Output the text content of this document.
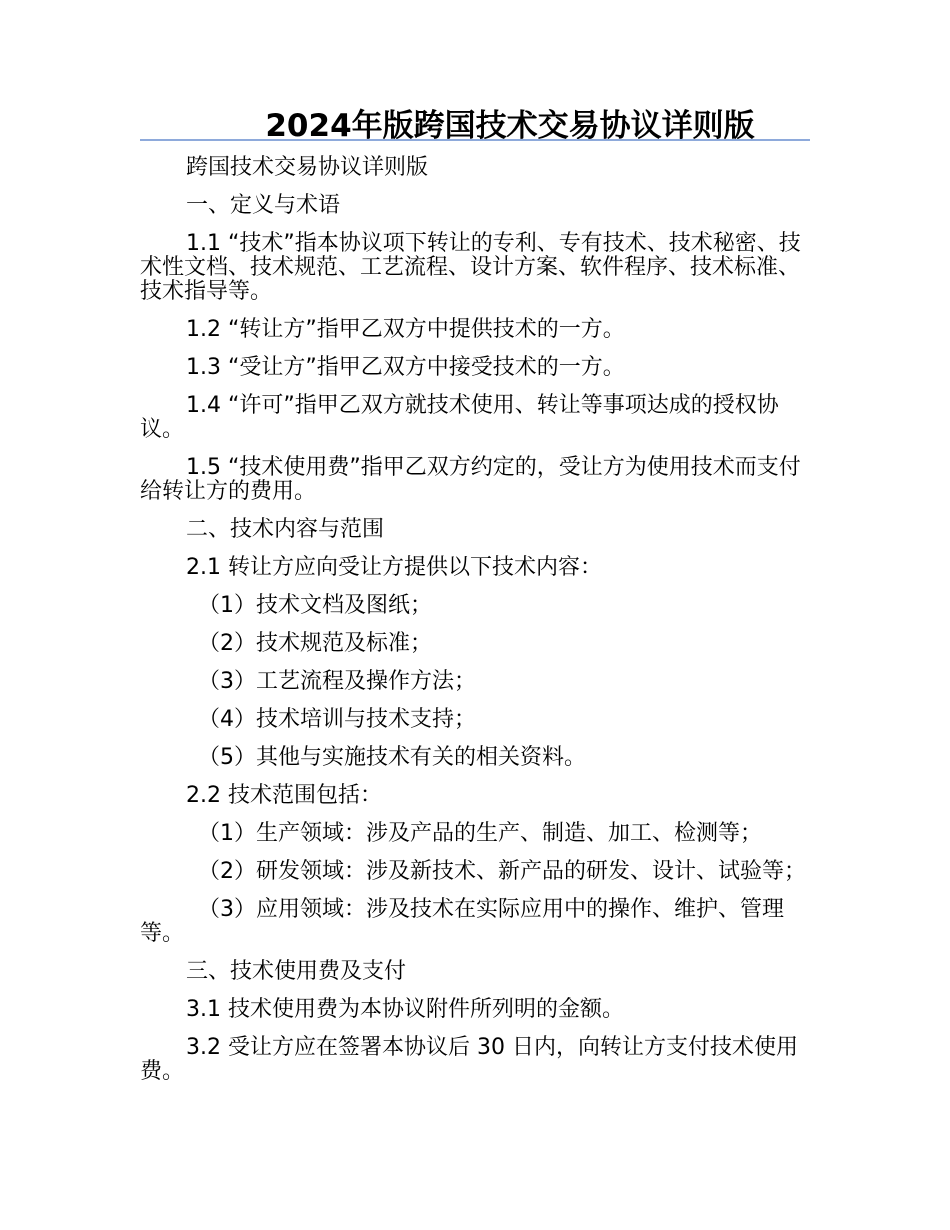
2024年版跨国技术交易协议详则版
跨国技术交易协议详则版
一、定义与术语
1.1 “技术”指本协议项下转让的专利、专有技术、技术秘密、技术性文档、技术规范、工艺流程、设计方案、软件程序、技术标准、技术指导等。
1.2 “转让方”指甲乙双方中提供技术的一方。
1.3 “受让方”指甲乙双方中接受技术的一方。
1.4 “许可”指甲乙双方就技术使用、转让等事项达成的授权协议。
1.5 “技术使用费”指甲乙双方约定的，受让方为使用技术而支付给转让方的费用。
二、技术内容与范围
2.1 转让方应向受让方提供以下技术内容：
（1）技术文档及图纸；
（2）技术规范及标准；
（3）工艺流程及操作方法；
（4）技术培训与技术支持；
（5）其他与实施技术有关的相关资料。
2.2 技术范围包括：
（1）生产领域：涉及产品的生产、制造、加工、检测等；
（2）研发领域：涉及新技术、新产品的研发、设计、试验等；
（3）应用领域：涉及技术在实际应用中的操作、维护、管理等。
三、技术使用费及支付
3.1 技术使用费为本协议附件所列明的金额。
3.2 受让方应在签署本协议后 30 日内，向转让方支付技术使用费。
